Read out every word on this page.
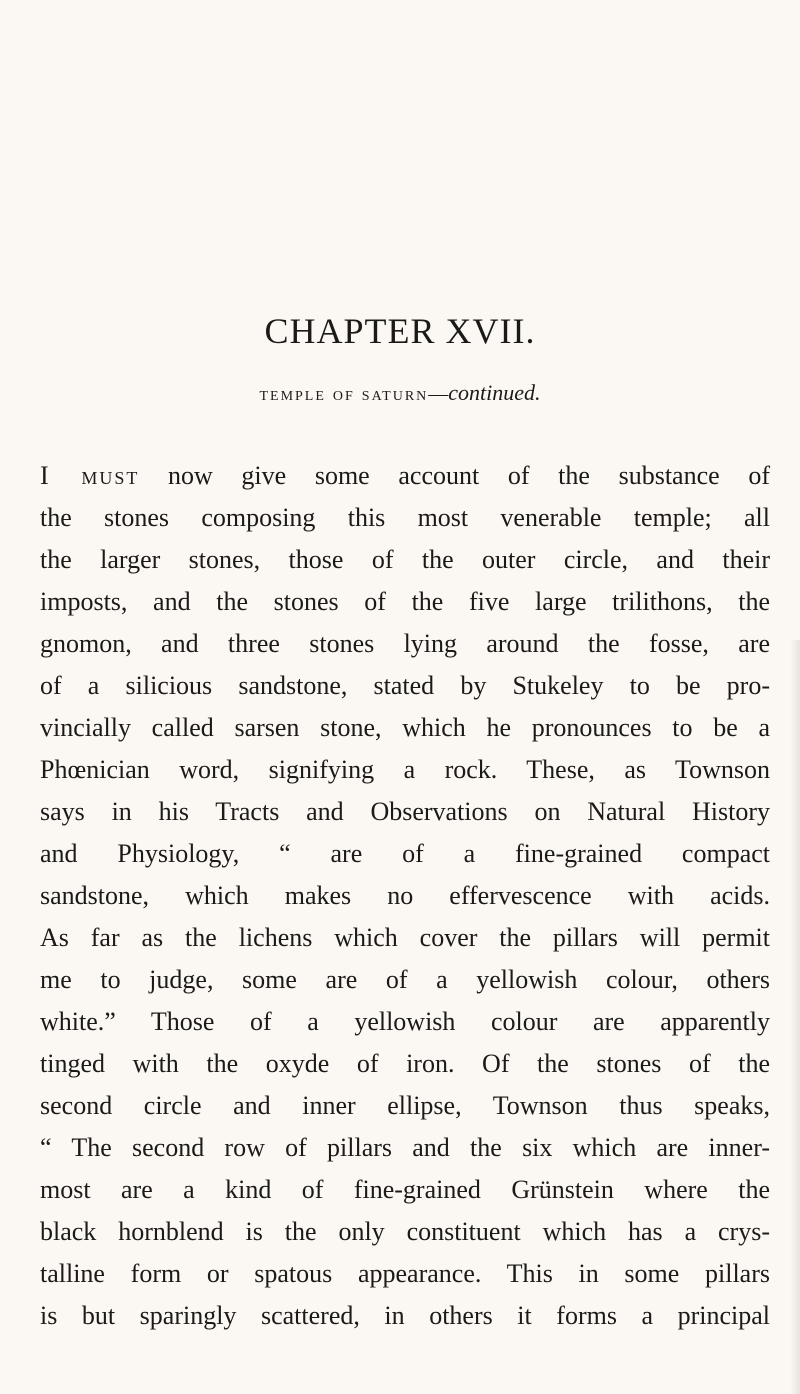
CHAPTER XVII.
temple of saturn—continued.
I must now give some account of the substance of
the stones composing this most venerable temple; all
the larger stones, those of the outer circle, and their
imposts, and the stones of the five large trilithons, the
gnomon, and three stones lying around the fosse, are
of a silicious sandstone, stated by Stukeley to be pro-
vincially called sarsen stone, which he pronounces to be a
Phœnician word, signifying a rock. These, as Townson
says in his Tracts and Observations on Natural History
and Physiology, “ are of a fine-grained compact
sandstone, which makes no effervescence with acids.
As far as the lichens which cover the pillars will permit
me to judge, some are of a yellowish colour, others
white.” Those of a yellowish colour are apparently
tinged with the oxyde of iron. Of the stones of the
second circle and inner ellipse, Townson thus speaks,
“ The second row of pillars and the six which are inner-
most are a kind of fine-grained Grünstein where the
black hornblend is the only constituent which has a crys-
talline form or spatous appearance. This in some pillars
is but sparingly scattered, in others it forms a principal
